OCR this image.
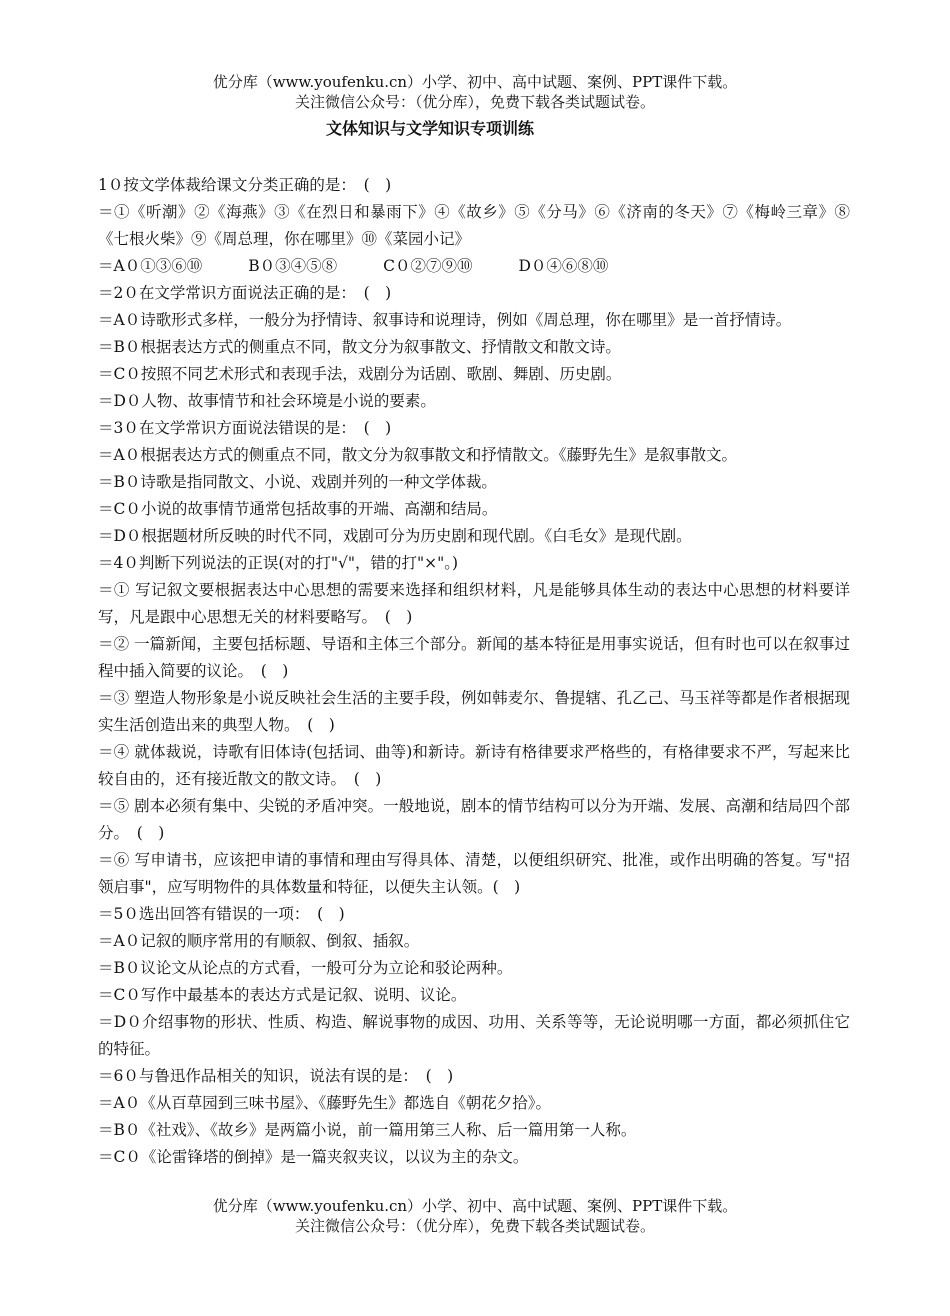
优分库（www.youfenku.cn）小学、初中、高中试题、案例、PPT课件下载。
关注微信公众号：（优分库），免费下载各类试题试卷。
文体知识与文学知识专项训练
1０按文学体裁给课文分类正确的是：　(　)
＝①《听潮》②《海燕》③《在烈日和暴雨下》④《故乡》⑤《分马》⑥《济南的冬天》⑦《梅岭三章》⑧《七根火柴》⑨《周总理，你在哪里》⑩《菜园小记》
＝A０①③⑥⑩	B０③④⑤⑧	C０②⑦⑨⑩	D０④⑥⑧⑩
＝2０在文学常识方面说法正确的是：　(　)
＝A０诗歌形式多样，一般分为抒情诗、叙事诗和说理诗，例如《周总理，你在哪里》是一首抒情诗。
＝B０根据表达方式的侧重点不同，散文分为叙事散文、抒情散文和散文诗。
＝C０按照不同艺术形式和表现手法，戏剧分为话剧、歌剧、舞剧、历史剧。
＝D０人物、故事情节和社会环境是小说的要素。
＝3０在文学常识方面说法错误的是：　(　)
＝A０根据表达方式的侧重点不同，散文分为叙事散文和抒情散文。《藤野先生》是叙事散文。
＝B０诗歌是指同散文、小说、戏剧并列的一种文学体裁。
＝C０小说的故事情节通常包括故事的开端、高潮和结局。
＝D０根据题材所反映的时代不同，戏剧可分为历史剧和现代剧。《白毛女》是现代剧。
＝4０判断下列说法的正误(对的打"√"，错的打"×"。)
＝① 写记叙文要根据表达中心思想的需要来选择和组织材料，凡是能够具体生动的表达中心思想的材料要详写，凡是跟中心思想无关的材料要略写。　(　)
＝② 一篇新闻，主要包括标题、导语和主体三个部分。新闻的基本特征是用事实说话，但有时也可以在叙事过程中插入简要的议论。　(　)
＝③ 塑造人物形象是小说反映社会生活的主要手段，例如韩麦尔、鲁提辖、孔乙己、马玉祥等都是作者根据现实生活创造出来的典型人物。　(　)
＝④ 就体裁说，诗歌有旧体诗(包括词、曲等)和新诗。新诗有格律要求严格些的，有格律要求不严，写起来比较自由的，还有接近散文的散文诗。　(　)
＝⑤ 剧本必须有集中、尖锐的矛盾冲突。一般地说，剧本的情节结构可以分为开端、发展、高潮和结局四个部分。　(　)
＝⑥ 写申请书，应该把申请的事情和理由写得具体、清楚，以便组织研究、批准，或作出明确的答复。写"招领启事"，应写明物件的具体数量和特征，以便失主认领。(　)
＝5０选出回答有错误的一项：　(　)
＝A０记叙的顺序常用的有顺叙、倒叙、插叙。
＝B０议论文从论点的方式看，一般可分为立论和驳论两种。
＝C０写作中最基本的表达方式是记叙、说明、议论。
＝D０介绍事物的形状、性质、构造、解说事物的成因、功用、关系等等，无论说明哪一方面，都必须抓住它的特征。
＝6０与鲁迅作品相关的知识，说法有误的是：　(　)
＝A０《从百草园到三味书屋》、《藤野先生》都选自《朝花夕拾》。
＝B０《社戏》、《故乡》是两篇小说，前一篇用第三人称、后一篇用第一人称。
＝C０《论雷锋塔的倒掉》是一篇夹叙夹议，以议为主的杂文。
优分库（www.youfenku.cn）小学、初中、高中试题、案例、PPT课件下载。
关注微信公众号：（优分库），免费下载各类试题试卷。
